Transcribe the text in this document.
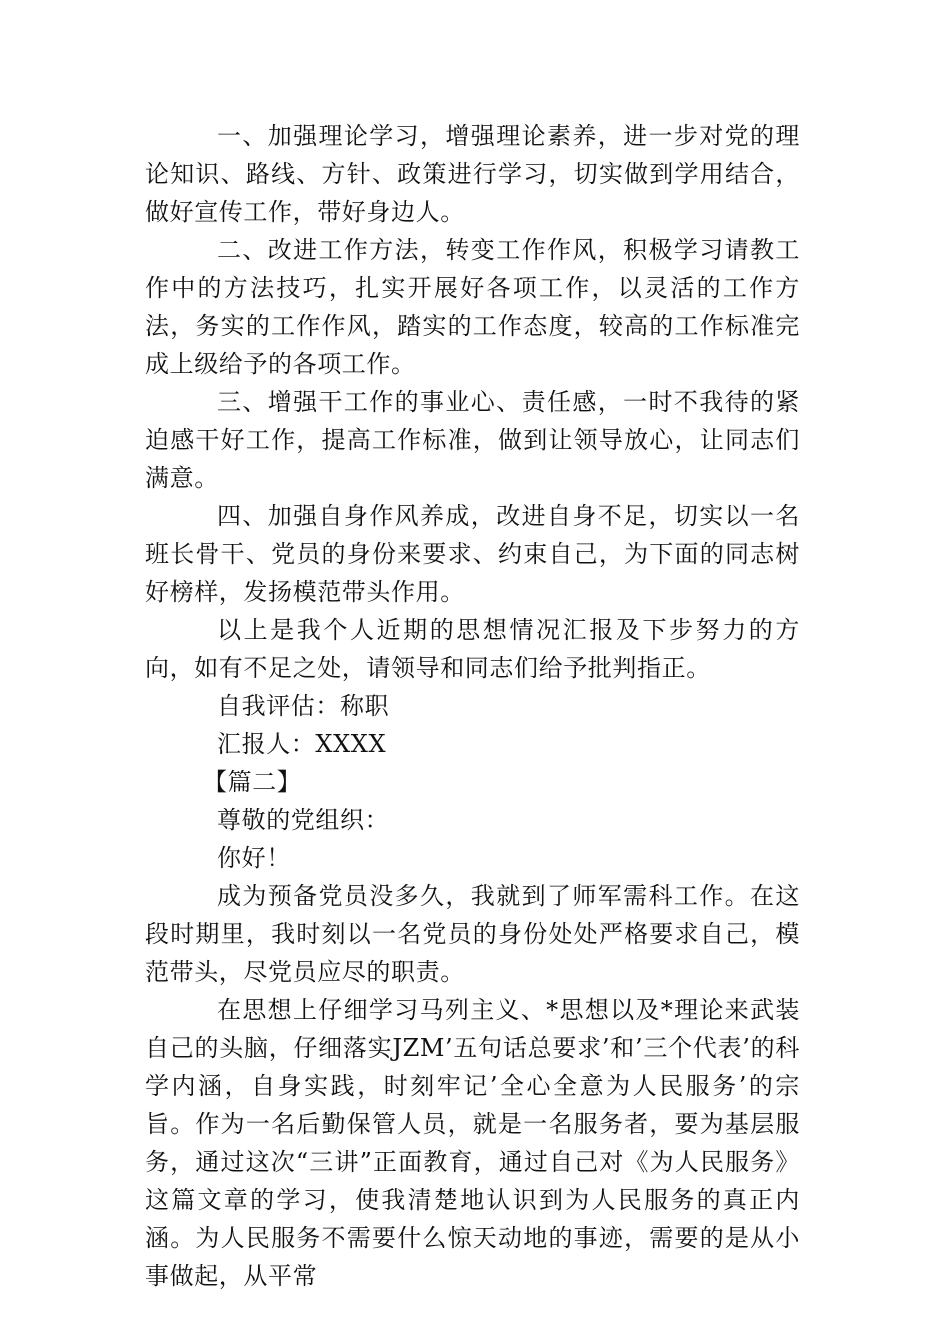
一、加强理论学习，增强理论素养，进一步对党的理论知识、路线、方针、政策进行学习，切实做到学用结合，做好宣传工作，带好身边人。

二、改进工作方法，转变工作作风，积极学习请教工作中的方法技巧，扎实开展好各项工作，以灵活的工作方法，务实的工作作风，踏实的工作态度，较高的工作标准完成上级给予的各项工作。

三、增强干工作的事业心、责任感，一时不我待的紧迫感干好工作，提高工作标准，做到让领导放心，让同志们满意。

四、加强自身作风养成，改进自身不足，切实以一名班长骨干、党员的身份来要求、约束自己，为下面的同志树好榜样，发扬模范带头作用。

以上是我个人近期的思想情况汇报及下步努力的方向，如有不足之处，请领导和同志们给予批判指正。

自我评估：称职

汇报人：XXXX

【篇二】

尊敬的党组织：

你好！

成为预备党员没多久，我就到了师军需科工作。在这段时期里，我时刻以一名党员的身份处处严格要求自己，模范带头，尽党员应尽的职责。

在思想上仔细学习马列主义、*思想以及*理论来武装自己的头脑，仔细落实JZM’五句话总要求’和’三个代表’的科学内涵，自身实践，时刻牢记’全心全意为人民服务’的宗旨。作为一名后勤保管人员，就是一名服务者，要为基层服务，通过这次“三讲”正面教育，通过自己对《为人民服务》这篇文章的学习，使我清楚地认识到为人民服务的真正内涵。为人民服务不需要什么惊天动地的事迹，需要的是从小事做起，从平常
